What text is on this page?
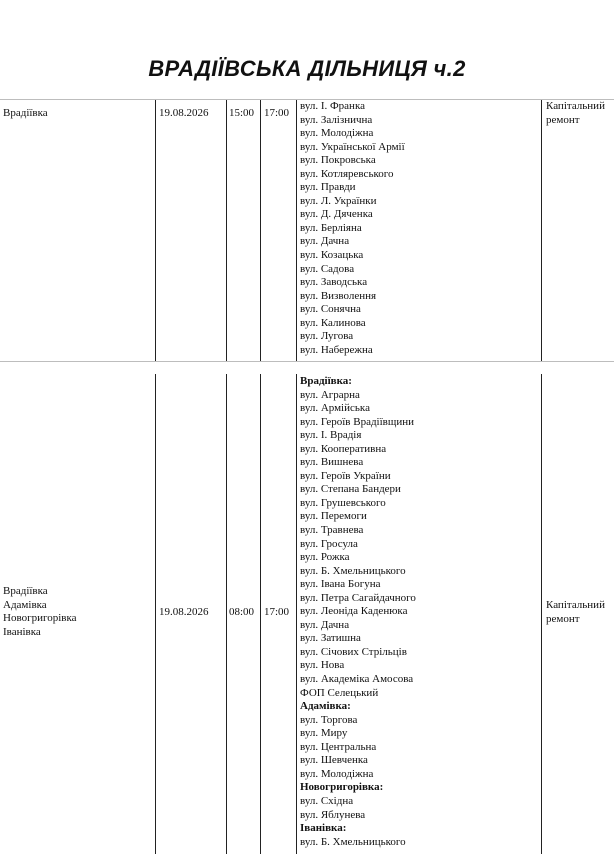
ВРАДІЇВСЬКА ДІЛЬНИЦЯ ч.2
Врадіївка	19.08.2026 15:00 17:00
вул. І. Франка
вул. Залізнична
вул. Молодіжна
вул. Української Армії
вул. Покровська
вул. Котляревського
вул. Правди
вул. Л. Українки
вул. Д. Дяченка
вул. Берліяна
вул. Дачна
вул. Козацька
вул. Садова
вул. Заводська
вул. Визволення
вул. Сонячна
вул. Калинова
вул. Лугова
вул. Набережна
Капітальний
ремонт
Врадіївка
Адамівка
Новогригорівка
Іванівка
19.08.2026 08:00 17:00
Врадіївка:
вул. Аграрна
вул. Армійська
вул. Героїв Врадіївщини
вул. І. Врадія
вул. Кооперативна
вул. Вишнева
вул. Героїв України
вул. Степана Бандери
вул. Грушевського
вул. Перемоги
вул. Травнева
вул. Гросула
вул. Рожка
вул. Б. Хмельницького
вул. Івана Богуна
вул. Петра Сагайдачного
вул. Леоніда Каденюка
вул. Дачна
вул. Затишна
вул. Січових Стрільців
вул. Нова
вул. Академіка Амосова
ФОП Селецький
Адамівка:
вул. Торгова
вул. Миру
вул. Центральна
вул. Шевченка
вул. Молодіжна
Новогригорівка:
вул. Східна
вул. Яблунева
Іванівка:
вул. Б. Хмельницького
Капітальний
ремонт
